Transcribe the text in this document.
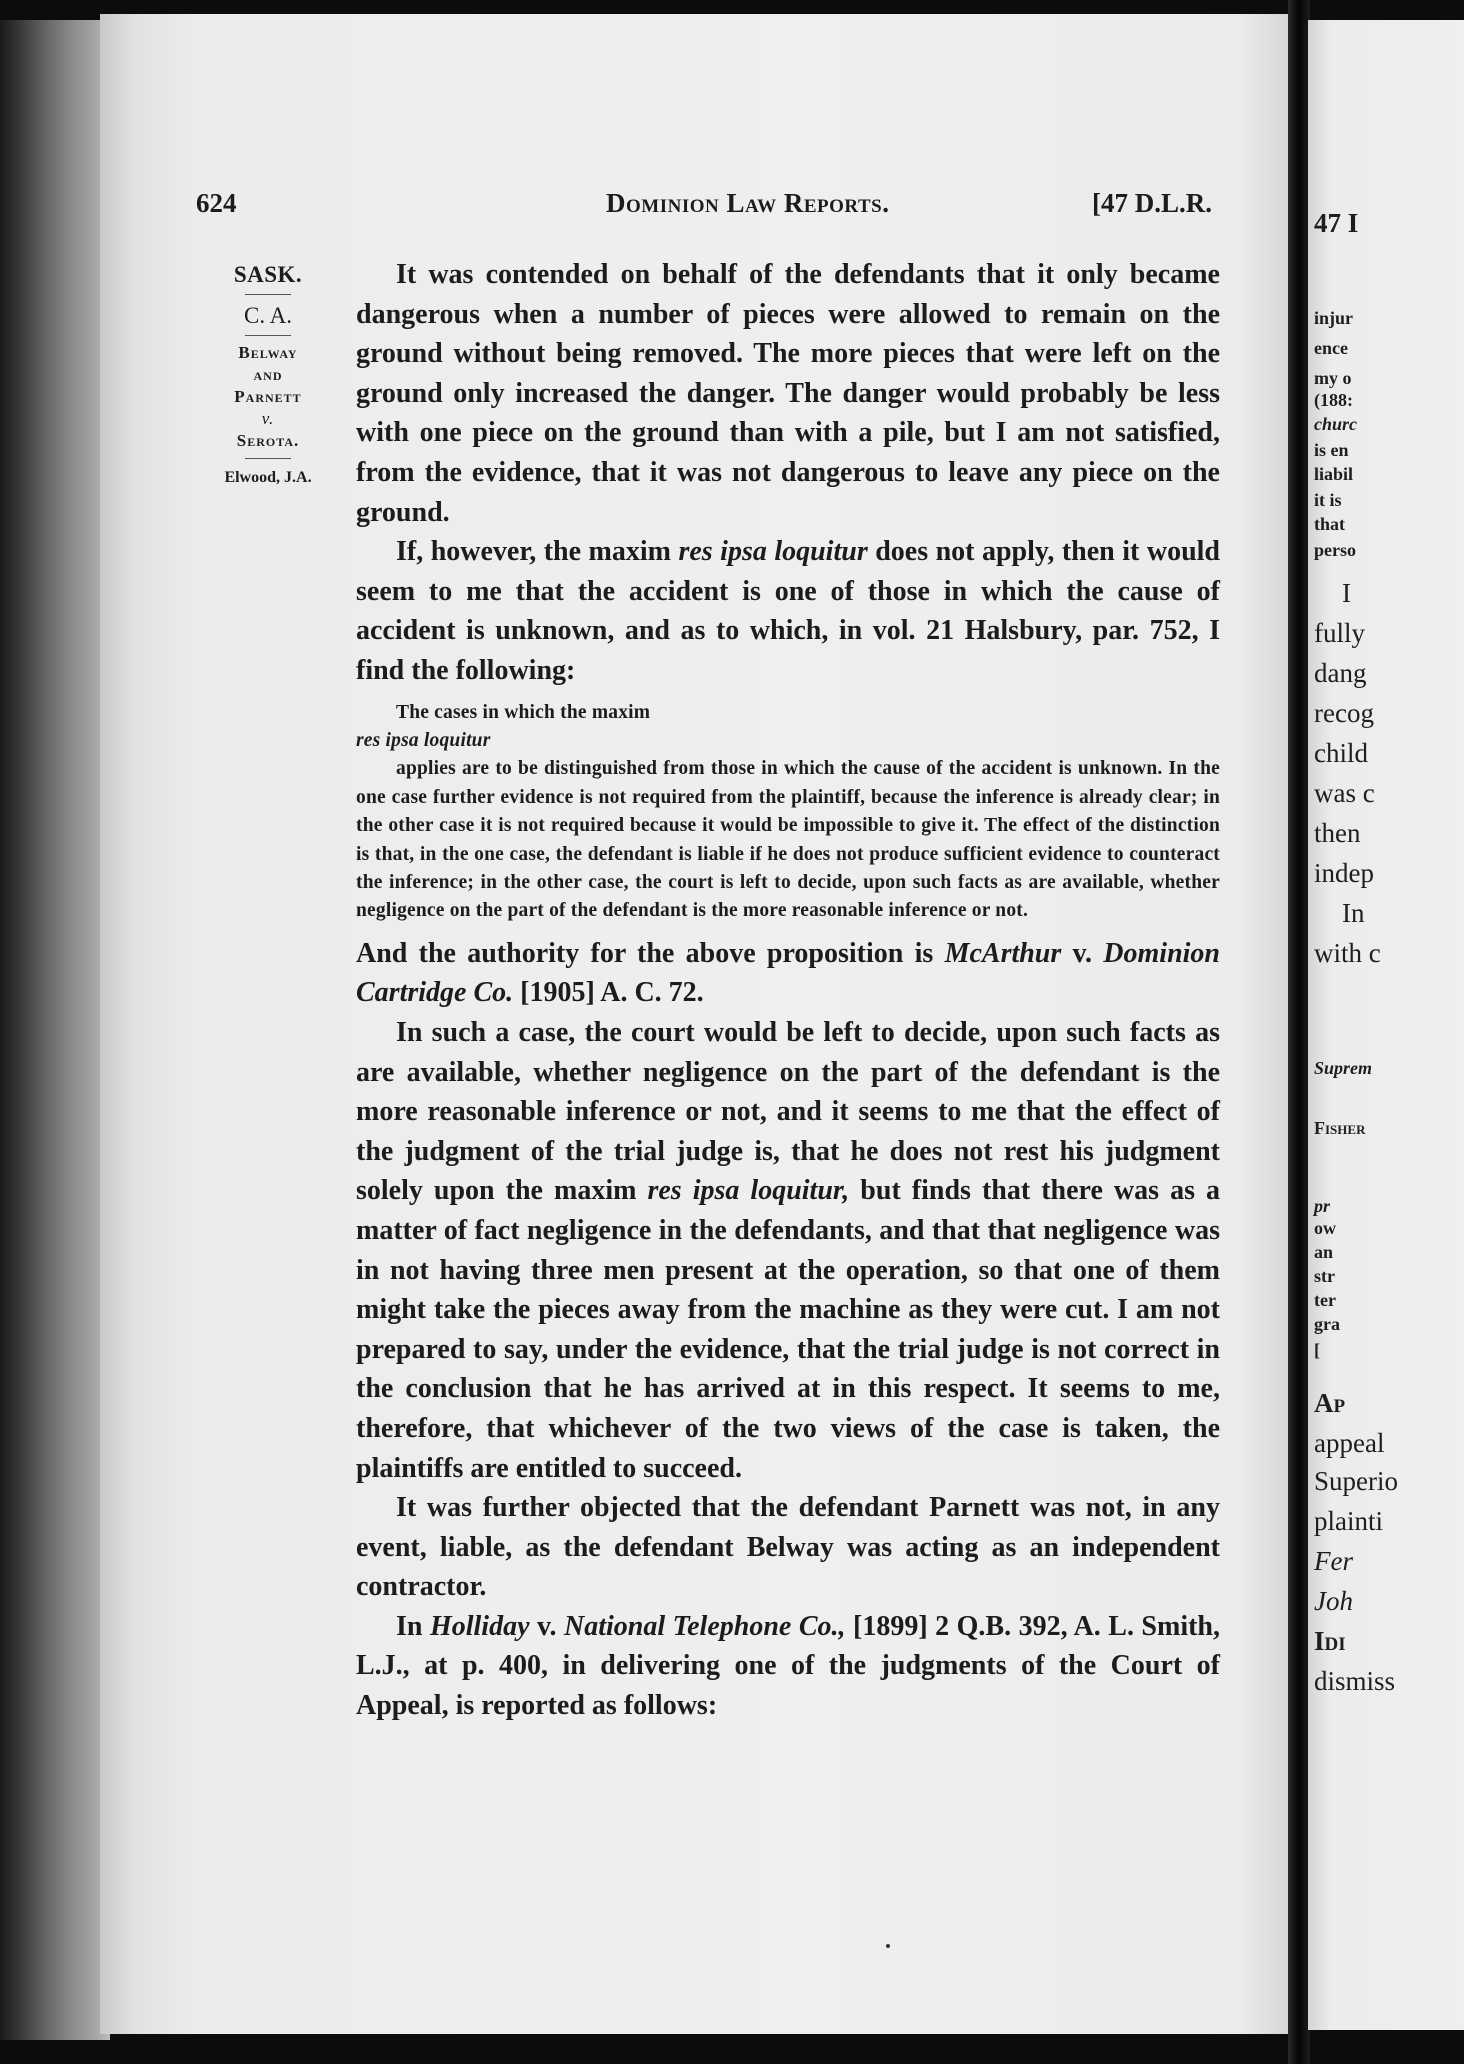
47 I
injur
ence
my o
(188:
churc
is en
liabil
it is
that
perso
I
fully
dang
recog
child
was c
then
indep
In
with c
Suprem
Fisher
pr
ow
an
str
ter
gra
[
Ap
appeal
Superio
plainti
Fer
Joh
Idi
dismiss
624	Dominion Law Reports.	[47 D.L.R.
SASK.
C. A.
Belway
and
Parnett
v.
Serota.
Elwood, J.A.

It was contended on behalf of the defendants that it only became dangerous when a number of pieces were allowed to remain on the ground without being removed. The more pieces that were left on the ground only increased the danger. The danger would probably be less with one piece on the ground than with a pile, but I am not satisfied, from the evidence, that it was not dangerous to leave any piece on the ground.

If, however, the maxim res ipsa loquitur does not apply, then it would seem to me that the accident is one of those in which the cause of accident is unknown, and as to which, in vol. 21 Halsbury, par. 752, I find the following:

The cases in which the maxim
res ipsa loquitur
applies are to be distinguished from those in which the cause of the accident is unknown. In the one case further evidence is not required from the plaintiff, because the inference is already clear; in the other case it is not required because it would be impossible to give it. The effect of the distinction is that, in the one case, the defendant is liable if he does not produce sufficient evidence to counteract the inference; in the other case, the court is left to decide, upon such facts as are available, whether negligence on the part of the defendant is the more reasonable inference or not.

And the authority for the above proposition is McArthur v. Dominion Cartridge Co. [1905] A. C. 72.

In such a case, the court would be left to decide, upon such facts as are available, whether negligence on the part of the defendant is the more reasonable inference or not, and it seems to me that the effect of the judgment of the trial judge is, that he does not rest his judgment solely upon the maxim res ipsa loquitur, but finds that there was as a matter of fact negligence in the defendants, and that that negligence was in not having three men present at the operation, so that one of them might take the pieces away from the machine as they were cut. I am not prepared to say, under the evidence, that the trial judge is not correct in the conclusion that he has arrived at in this respect. It seems to me, therefore, that whichever of the two views of the case is taken, the plaintiffs are entitled to succeed.

It was further objected that the defendant Parnett was not, in any event, liable, as the defendant Belway was acting as an independent contractor.

In Holliday v. National Telephone Co., [1899] 2 Q.B. 392, A. L. Smith, L.J., at p. 400, in delivering one of the judgments of the Court of Appeal, is reported as follows:
